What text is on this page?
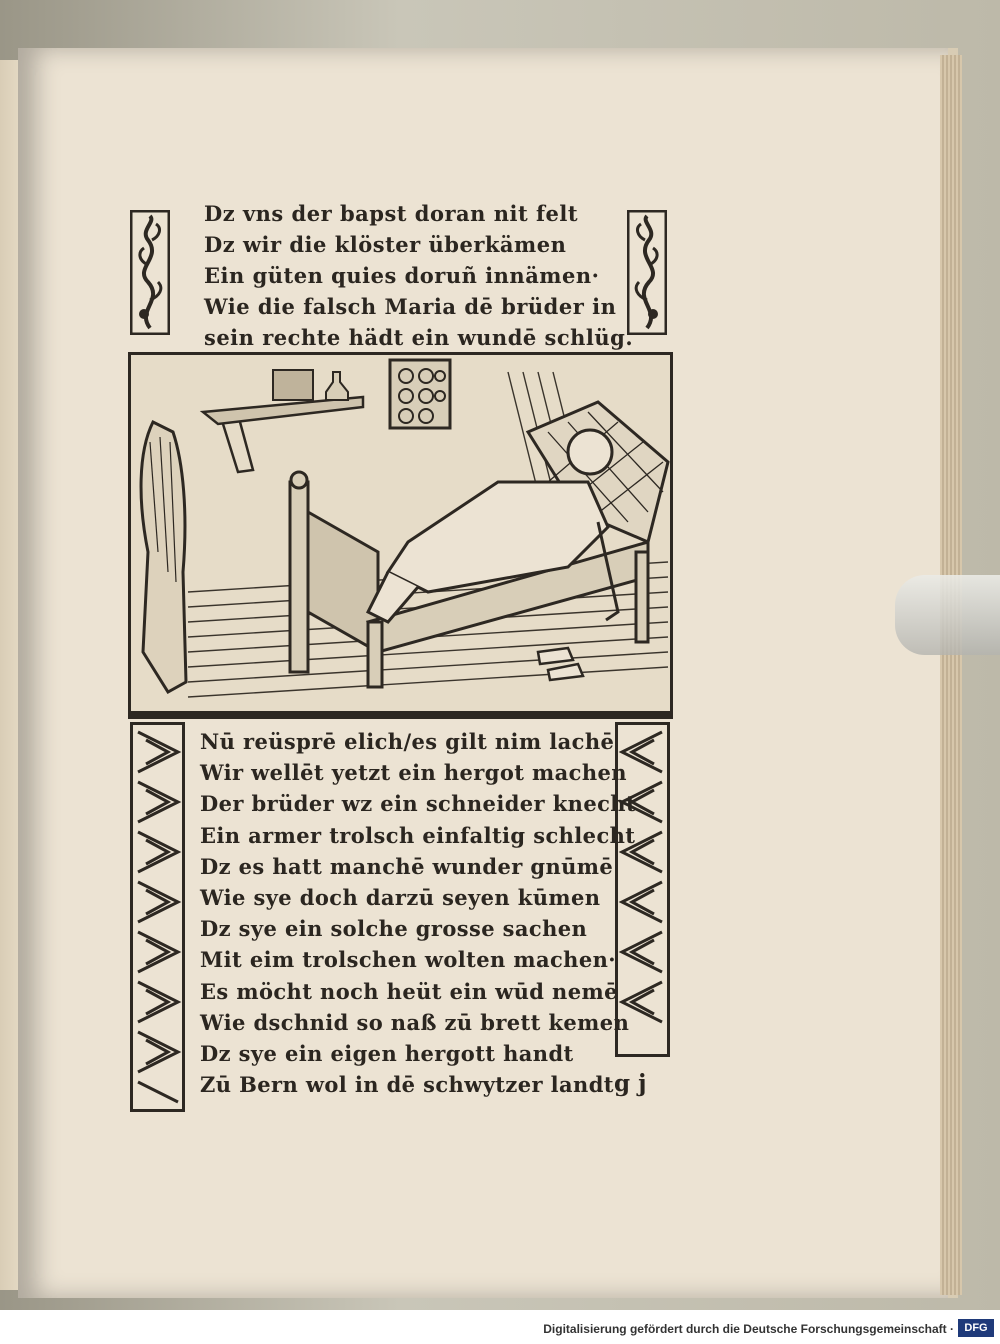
Dz vns der bapst doran nit felt
Dz wir die klöster überkämen
Ein güten quies doruñ innämen·
Wie die falsch Maria dē brüder in
sein rechte hädt ein wundē schlüg.
Nū reüsprē elich/es gilt nim lachē
Wir wellēt yetzt ein hergot machen
Der brüder wz ein schneider knecht
Ein armer trolsch einfaltig schlecht
Dz es hatt manchē wunder gnūmē
Wie sye doch darzū seyen kūmen
Dz sye ein solche grosse sachen
Mit eim trolschen wolten machen·
Es möcht noch heüt ein wūd nemē
Wie dschnid so naß zū brett kemen
Dz sye ein eigen hergott handt
Zū Bern wol in dē schwytzer landt·
g j
Digitalisierung gefördert durch die Deutsche Forschungsgemeinschaft · DFG
